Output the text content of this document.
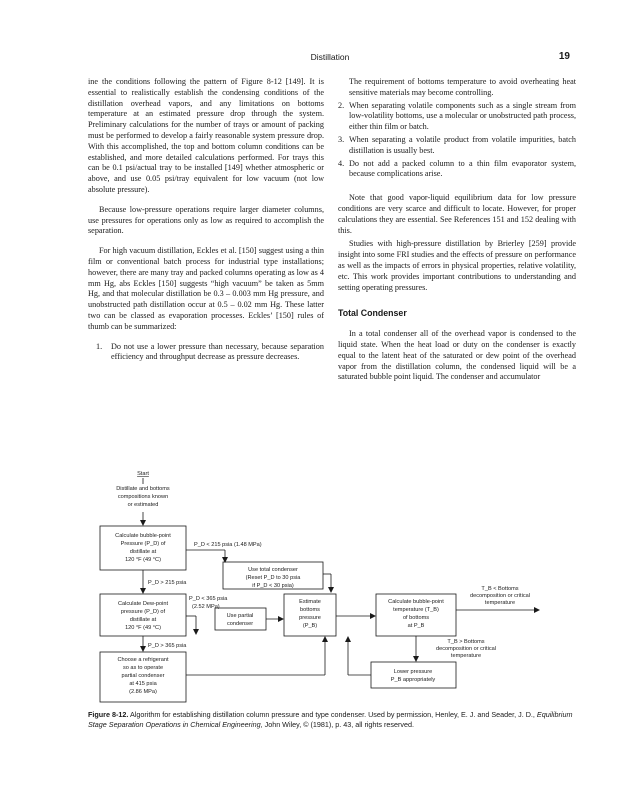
Distillation	19

ine the conditions following the pattern of Figure 8-12 [149]. It is essential to realistically establish the condensing conditions of the distillation overhead vapors, and any limitations on bottoms temperature at an estimated pressure drop through the system. Preliminary calculations for the number of trays or amount of packing must be performed to develop a fairly reasonable system pressure drop. With this accomplished, the top and bottom column conditions can be established, and more detailed calculations performed. For trays this can be 0.1 psi/actual tray to be installed [149] whether atmospheric or above, and use 0.05 psi/tray equivalent for low vacuum (not low absolute pressure).

Because low-pressure operations require larger diameter columns, use pressures for operations only as low as required to accomplish the separation.

For high vacuum distillation, Eckles et al. [150] suggest using a thin film or conventional batch process for industrial type installations; however, there are many tray and packed columns operating as low as 4 mm Hg, abs Eckles [150] suggests “high vacuum” be taken as 5mm Hg, and that molecular distillation be 0.3 – 0.003 mm Hg pressure, and unobstructed path distillation occur at 0.5 – 0.02 mm Hg. These latter two can be classed as evaporation processes. Eckles’ [150] rules of thumb can be summarized:

1.	Do not use a lower pressure than necessary, because separation efficiency and throughput decrease as pressure decreases.
The requirement of bottoms temperature to avoid overheating heat sensitive materials may become controlling.
2. When separating volatile components such as a single stream from low-volatility bottoms, use a molecular or unobstructed path process, either thin film or batch.
3. When separating a volatile product from volatile impurities, batch distillation is usually best.
4. Do not add a packed column to a thin film evaporator system, because complications arise.

Note that good vapor-liquid equilibrium data for low pressure conditions are very scarce and difficult to locate. However, for proper calculations they are essential. See References 151 and 152 dealing with this.

Studies with high-pressure distillation by Brierley [259] provide insight into some FRI studies and the effects of pressure on performance as well as the impacts of errors in physical properties, relative volatility, etc. This work provides important contributions to understanding and setting operating pressures.

Total Condenser

In a total condenser all of the overhead vapor is condensed to the liquid state. When the heat load or duty on the condenser is exactly equal to the latent heat of the saturated or dew point of the overhead vapor from the distillation column, the condensed liquid will be a saturated bubble point liquid. The condenser and accumulator

Start
Distillate and bottoms
compositions known
or estimated
Calculate bubble-point
Pressure (P_D) of
distillate at
120 °F (49 °C)
P_D < 215 psia (1.48 MPa)
Use total condenser
(Reset P_D to 30 psia
if P_D < 30 psia)
P_D > 215 psia
Calculate Dew-point
pressure (P_D) of
distillate at
120 °F (49 °C)
P_D < 365 psia
(2.52 MPa)
Use partial
condenser
Estimate
bottoms
pressure
(P_B)
Calculate bubble-point
temperature (T_B)
of bottoms
at P_B
T_B < Bottoms
decomposition or critical
temperature
P_D > 365 psia
Choose a refrigerant
so as to operate
partial condenser
at 415 psia
(2.86 MPa)
T_B > Bottoms
decomposition or critical
temperature
Lower pressure
P_B appropriately
Figure 8-12. Algorithm for establishing distillation column pressure and type condenser. Used by permission, Henley, E. J. and Seader, J. D., Equilibrium Stage Separation Operations in Chemical Engineering, John Wiley, © (1981), p. 43, all rights reserved.
